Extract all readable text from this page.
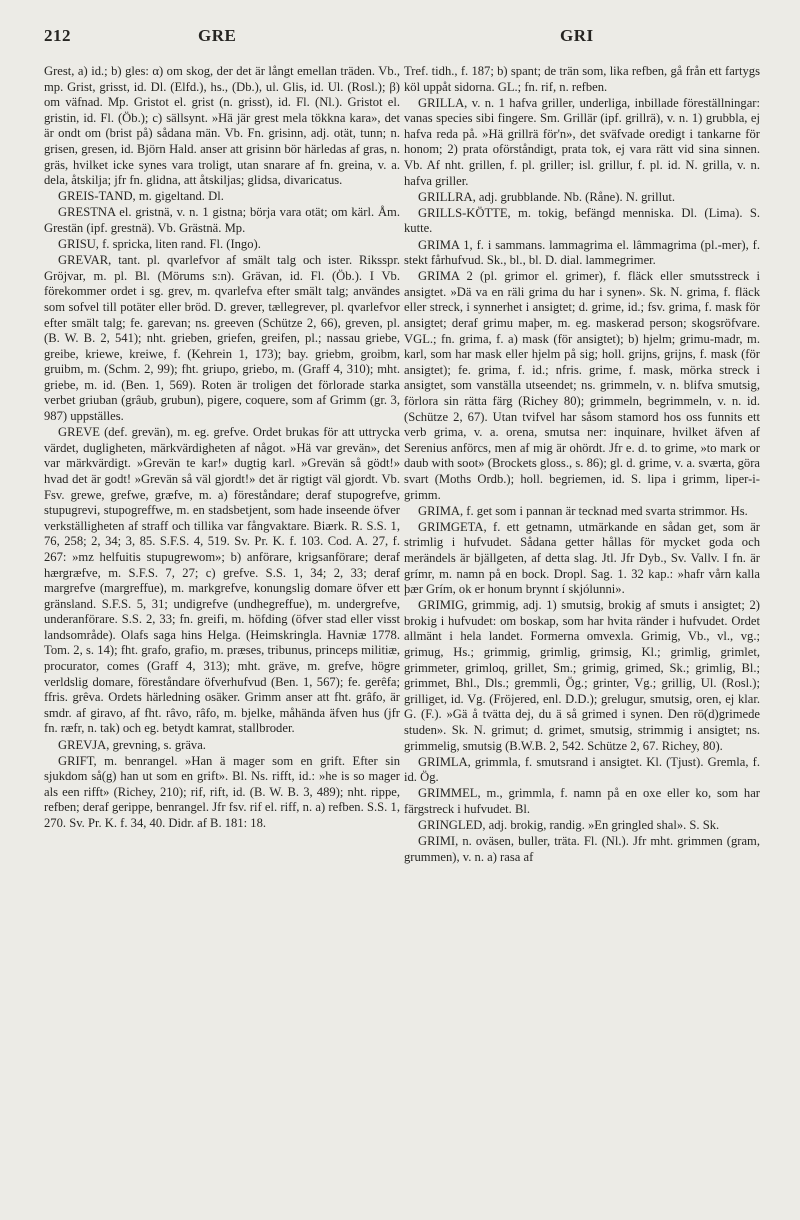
212	GRE	GRI

Grest, a) id.; b) gles: α) om skog, der det är långt emellan träden. Vb., mp. Grist, grisst, id. Dl. (Elfd.), hs., (Db.), ul. Glis, id. Ul. (Rosl.); β) om väfnad. Mp. Gristot el. grist (n. grisst), id. Fl. (Nl.). Gristot el. gristin, id. Fl. (Öb.); c) sällsynt. »Hä jär grest mela tökkna kara», det är ondt om (brist på) sådana män. Vb. Fn. grisinn, adj. otät, tunn; n. grisen, gresen, id. Björn Hald. anser att grisinn bör härledas af gras, n. gräs, hvilket icke synes vara troligt, utan snarare af fn. greina, v. a. dela, åtskilja; jfr fn. glidna, att åtskiljas; glidsa, divaricatus.

GREIS-TAND, m. gigeltand. Dl.

GRESTNA el. gristnä, v. n. 1 gistna; börja vara otät; om kärl. Åm. Grestän (ipf. grestnä). Vb. Grästnä. Mp.

GRISU, f. spricka, liten rand. Fl. (Ingo).

GREVAR, tant. pl. qvarlefvor af smält talg och ister. Riksspr. Gröjvar, m. pl. Bl. (Mörums s:n). Grävan, id. Fl. (Öb.). I Vb. förekommer ordet i sg. grev, m. qvarlefva efter smält talg; användes som sofvel till potäter eller bröd. D. grever, tællegrever, pl. qvarlefvor efter smält talg; fe. garevan; ns. greeven (Schütze 2, 66), greven, pl. (B. W. B. 2, 541); nht. grieben, griefen, greifen, pl.; nassau griebe, greibe, kriewe, kreiwe, f. (Kehrein 1, 173); bay. griebm, groibm, gruibm, m. (Schm. 2, 99); fht. griupo, griebo, m. (Graff 4, 310); mht. griebe, m. id. (Ben. 1, 569). Roten är troligen det förlorade starka verbet griuban (grâub, grubun), pigere, coquere, som af Grimm (gr. 3, 987) uppställes.

GREVE (def. grevän), m. eg. grefve. Ordet brukas för att uttrycka värdet, dugligheten, märkvärdigheten af något. »Hä var grevän», det var märkvärdigt. »Grevän te kar!» dugtig karl. »Grevän så gödt!» hvad det är godt! »Grevän så väl gjordt!» det är rigtigt väl gjordt. Vb. Fsv. grewe, grefwe, græfve, m. a) föreståndare; deraf stupogrefve, stupugrevi, stupogreffwe, m. en stadsbetjent, som hade inseende öfver verkställigheten af straff och tillika var fångvaktare. Biærk. R. S.S. 1, 76, 258; 2, 34; 3, 85. S.F.S. 4, 519. Sv. Pr. K. f. 103. Cod. A. 27, f. 267: »mz helfuitis stupugrewom»; b) anförare, krigsanförare; deraf hærgræfve, m. S.F.S. 7, 27; c) grefve. S.S. 1, 34; 2, 33; deraf margrefve (margreffue), m. markgrefve, konungslig domare öfver ett gränsland. S.F.S. 5, 31; undigrefve (undhegreffue), m. undergrefve, underanförare. S.S. 2, 33; fn. greifi, m. höfding (öfver stad eller visst landsområde). Olafs saga hins Helga. (Heimskringla. Havniæ 1778. Tom. 2, s. 14); fht. grafo, grafio, m. præses, tribunus, princeps militiæ, procurator, comes (Graff 4, 313); mht. gräve, m. grefve, högre verldslig domare, föreståndare öfverhufvud (Ben. 1, 567); fe. gerêfa; ffris. grêva. Ordets härledning osäker. Grimm anser att fht. grâfo, är smdr. af giravo, af fht. râvo, râfo, m. bjelke, måhända äfven hus (jfr fn. ræfr, n. tak) och eg. betydt kamrat, stallbroder.

GREVJA, grevning, s. gräva.

GRIFT, m. benrangel. »Han ä mager som en grift. Efter sin sjukdom så(g) han ut som en grift». Bl. Ns. rifft, id.: »he is so mager als een rifft» (Richey, 210); rif, rift, id. (B. W. B. 3, 489); nht. rippe, refben; deraf gerippe, benrangel. Jfr fsv. rif el. riff, n. a) refben. S.S. 1, 270. Sv. Pr. K. f. 34, 40. Didr. af B. 181: 18.

Tref. tidh., f. 187; b) spant; de trän som, lika refben, gå från ett fartygs köl uppåt sidorna. GL.; fn. rif, n. refben.

GRILLA, v. n. 1 hafva griller, underliga, inbillade föreställningar: vanas species sibi fingere. Sm. Grillär (ipf. grillrä), v. n. 1) grubbla, ej hafva reda på. »Hä grillrä för'n», det sväfvade oredigt i tankarne för honom; 2) prata oförståndigt, prata tok, ej vara rätt vid sina sinnen. Vb. Af nht. grillen, f. pl. griller; isl. grillur, f. pl. id. N. grilla, v. n. hafva griller.

GRILLRA, adj. grubblande. Nb. (Råne). N. grillut.

GRILLS-KÖTTE, m. tokig, befängd menniska. Dl. (Lima). S. kutte.

GRIMA 1, f. i sammans. lammagrima el. lâmmagrima (pl.-mer), f. stekt fårhufvud. Sk., bl., bl. D. dial. lammegrimer.

GRIMA 2 (pl. grimor el. grimer), f. fläck eller smutsstreck i ansigtet. »Dä va en räli grima du har i synen». Sk. N. grima, f. fläck eller streck, i synnerhet i ansigtet; d. grime, id.; fsv. grima, f. mask för ansigtet; deraf grimu maþer, m. eg. maskerad person; skogsröfvare. VGL.; fn. grima, f. a) mask (för ansigtet); b) hjelm; grimu-madr, m. karl, som har mask eller hjelm på sig; holl. grijns, grijns, f. mask (för ansigtet); fe. grima, f. id.; nfris. grime, f. mask, mörka streck i ansigtet, som vanställa utseendet; ns. grimmeln, v. n. blifva smutsig, förlora sin rätta färg (Richey 80); grimmeln, begrimmeln, v. n. id. (Schütze 2, 67). Utan tvifvel har såsom stamord hos oss funnits ett verb grima, v. a. orena, smutsa ner: inquinare, hvilket äfven af Serenius anförcs, men af mig är ohördt. Jfr e. d. to grime, »to mark or daub with soot» (Brockets gloss., s. 86); gl. d. grime, v. a. sværta, göra svart (Moths Ordb.); holl. begriemen, id. S. lipa i grimm, liper-i-grimm.

GRIMA, f. get som i pannan är tecknad med svarta strimmor. Hs.

GRIMGETA, f. ett getnamn, utmärkande en sådan get, som är strimlig i hufvudet. Sådana getter hållas för mycket goda och merändels är bjällgeten, af detta slag. Jtl. Jfr Dyb., Sv. Vallv. I fn. är grímr, m. namn på en bock. Dropl. Sag. 1. 32 kap.: »hafr vårn kalla þær Grím, ok er honum brynnt í skjólunni».

GRIMIG, grimmig, adj. 1) smutsig, brokig af smuts i ansigtet; 2) brokig i hufvudet: om boskap, som har hvita ränder i hufvudet. Ordet allmänt i hela landet. Formerna omvexla. Grimig, Vb., vl., vg.; grimug, Hs.; grimmig, grimlig, grimsig, Kl.; grimlig, grimlet, grimmeter, grimloq, grillet, Sm.; grimig, grimed, Sk.; grimlig, Bl.; grimmet, Bhl., Dls.; gremmli, Ög.; grinter, Vg.; grillig, Ul. (Rosl.); grilliget, id. Vg. (Fröjered, enl. D.D.); grelugur, smutsig, oren, ej klar. G. (F.). »Gä å tvätta dej, du ä så grimed i synen. Den rö(d)grimede studen». Sk. N. grimut; d. grimet, smutsig, strimmig i ansigtet; ns. grimmelig, smutsig (B.W.B. 2, 542. Schütze 2, 67. Richey, 80).

GRIMLA, grimmla, f. smutsrand i ansigtet. Kl. (Tjust). Gremla, f. id. Ög.

GRIMMEL, m., grimmla, f. namn på en oxe eller ko, som har färgstreck i hufvudet. Bl.

GRINGLED, adj. brokig, randig. »En gringled shal». S. Sk.

GRIMI, n. oväsen, buller, träta. Fl. (Nl.). Jfr mht. grimmen (gram, grummen), v. n. a) rasa af
